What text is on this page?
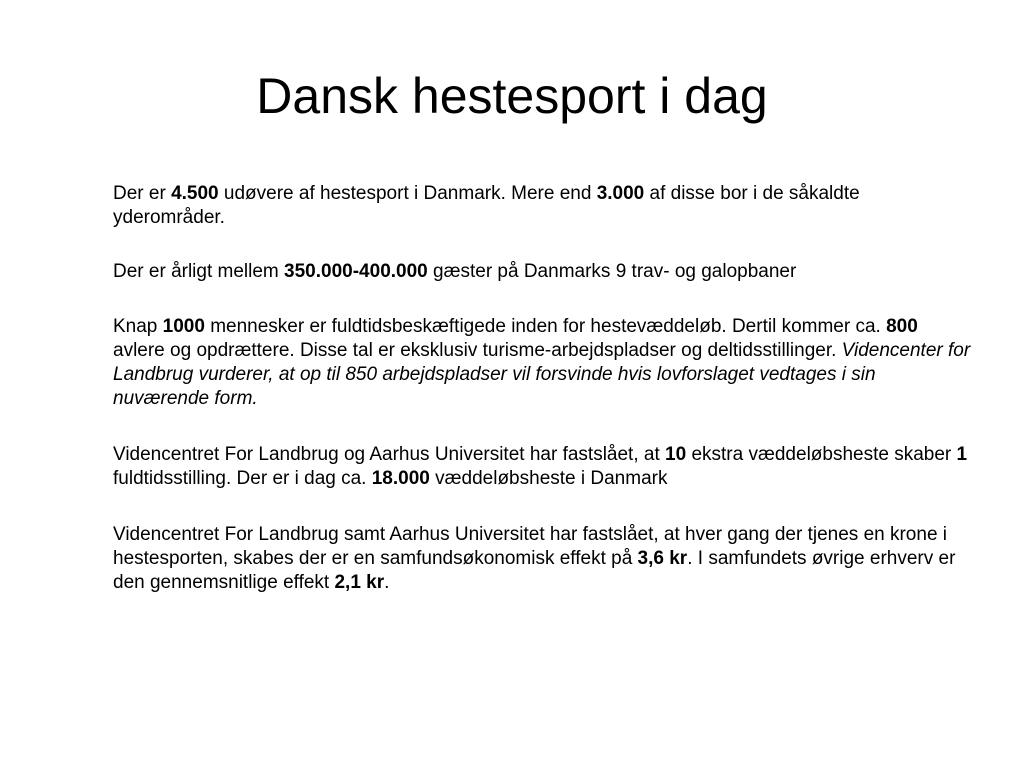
Dansk hestesport i dag

Der er 4.500 udøvere af hestesport i Danmark. Mere end 3.000 af disse bor i de såkaldte yderområder.

Der er årligt mellem 350.000-400.000 gæster på Danmarks 9 trav- og galopbaner

Knap 1000 mennesker er fuldtidsbeskæftigede inden for hestevæddeløb. Dertil kommer ca. 800 avlere og opdrættere. Disse tal er eksklusiv turisme-arbejdspladser og deltidsstillinger. Videncenter for Landbrug vurderer, at op til 850 arbejdspladser vil forsvinde hvis lovforslaget vedtages i sin nuværende form.

Videncentret For Landbrug og Aarhus Universitet har fastslået, at 10 ekstra væddeløbsheste skaber 1 fuldtidsstilling. Der er i dag ca. 18.000 væddeløbsheste i Danmark

Videncentret For Landbrug samt Aarhus Universitet har fastslået, at hver gang der tjenes en krone i hestesporten, skabes der er en samfundsøkonomisk effekt på 3,6 kr. I samfundets øvrige erhverv er den gennemsnitlige effekt 2,1 kr.
